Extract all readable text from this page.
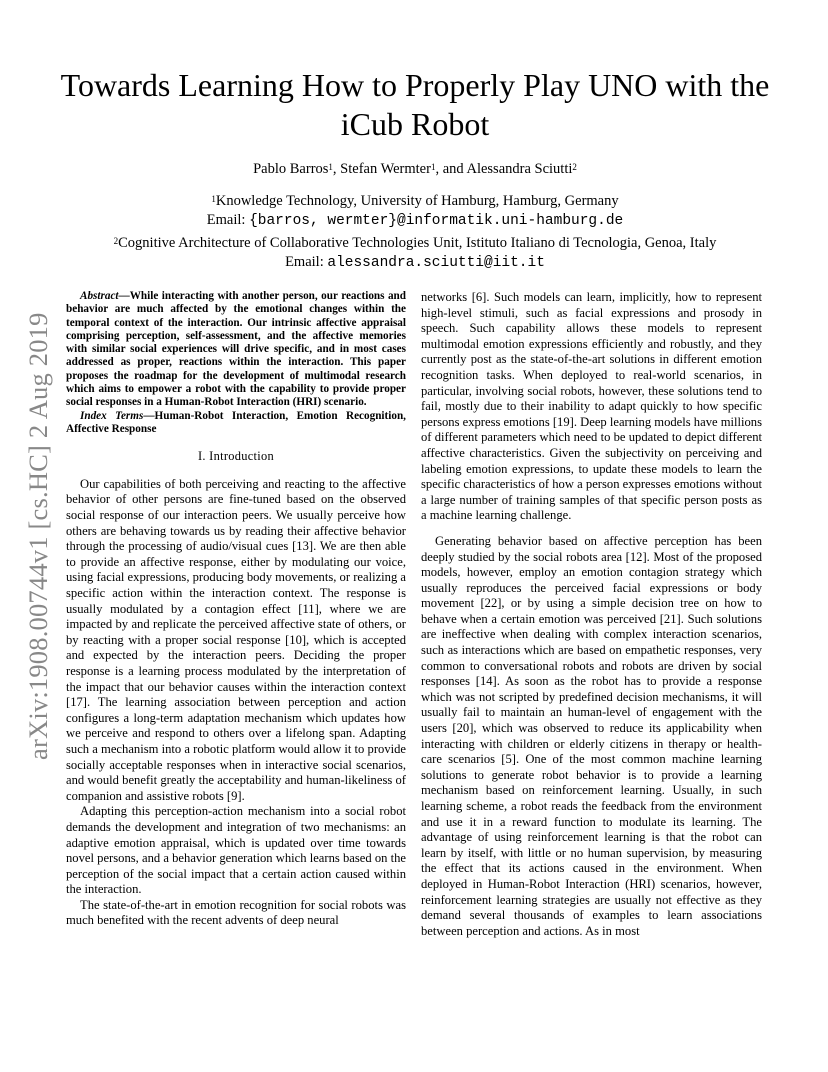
arXiv:1908.00744v1 [cs.HC] 2 Aug 2019
Towards Learning How to Properly Play UNO with the iCub Robot
Pablo Barros$^1$, Stefan Wermter$^1$, and Alessandra Sciutti$^2$
$^1$Knowledge Technology, University of Hamburg, Hamburg, Germany
Email: {barros, wermter}@informatik.uni-hamburg.de
$^2$Cognitive Architecture of Collaborative Technologies Unit, Istituto Italiano di Tecnologia, Genoa, Italy
Email: alessandra.sciutti@iit.it

Abstract—While interacting with another person, our reactions and behavior are much affected by the emotional changes within the temporal context of the interaction. Our intrinsic affective appraisal comprising perception, self-assessment, and the affective memories with similar social experiences will drive specific, and in most cases addressed as proper, reactions within the interaction. This paper proposes the roadmap for the development of multimodal research which aims to empower a robot with the capability to provide proper social responses in a Human-Robot Interaction (HRI) scenario.

Index Terms—Human-Robot Interaction, Emotion Recognition, Affective Response

I. Introduction

Our capabilities of both perceiving and reacting to the affective behavior of other persons are fine-tuned based on the observed social response of our interaction peers. We usually perceive how others are behaving towards us by reading their affective behavior through the processing of audio/visual cues [13]. We are then able to provide an affective response, either by modulating our voice, using facial expressions, producing body movements, or realizing a specific action within the interaction context. The response is usually modulated by a contagion effect [11], where we are impacted by and replicate the perceived affective state of others, or by reacting with a proper social response [10], which is accepted and expected by the interaction peers. Deciding the proper response is a learning process modulated by the interpretation of the impact that our behavior causes within the interaction context [17]. The learning association between perception and action configures a long-term adaptation mechanism which updates how we perceive and respond to others over a lifelong span. Adapting such a mechanism into a robotic platform would allow it to provide socially acceptable responses when in interactive social scenarios, and would benefit greatly the acceptability and human-likeliness of companion and assistive robots [9].

Adapting this perception-action mechanism into a social robot demands the development and integration of two mechanisms: an adaptive emotion appraisal, which is updated over time towards novel persons, and a behavior generation which learns based on the perception of the social impact that a certain action caused within the interaction.

The state-of-the-art in emotion recognition for social robots was much benefited with the recent advents of deep neural

networks [6]. Such models can learn, implicitly, how to represent high-level stimuli, such as facial expressions and prosody in speech. Such capability allows these models to represent multimodal emotion expressions efficiently and robustly, and they currently post as the state-of-the-art solutions in different emotion recognition tasks. When deployed to real-world scenarios, in particular, involving social robots, however, these solutions tend to fail, mostly due to their inability to adapt quickly to how specific persons express emotions [19]. Deep learning models have millions of different parameters which need to be updated to depict different affective characteristics. Given the subjectivity on perceiving and labeling emotion expressions, to update these models to learn the specific characteristics of how a person expresses emotions without a large number of training samples of that specific person posts as a machine learning challenge.

Generating behavior based on affective perception has been deeply studied by the social robots area [12]. Most of the proposed models, however, employ an emotion contagion strategy which usually reproduces the perceived facial expressions or body movement [22], or by using a simple decision tree on how to behave when a certain emotion was perceived [21]. Such solutions are ineffective when dealing with complex interaction scenarios, such as interactions which are based on empathetic responses, very common to conversational robots and robots are driven by social responses [14]. As soon as the robot has to provide a response which was not scripted by predefined decision mechanisms, it will usually fail to maintain an human-level of engagement with the users [20], which was observed to reduce its applicability when interacting with children or elderly citizens in therapy or health-care scenarios [5]. One of the most common machine learning solutions to generate robot behavior is to provide a learning mechanism based on reinforcement learning. Usually, in such learning scheme, a robot reads the feedback from the environment and use it in a reward function to modulate its learning. The advantage of using reinforcement learning is that the robot can learn by itself, with little or no human supervision, by measuring the effect that its actions caused in the environment. When deployed in Human-Robot Interaction (HRI) scenarios, however, reinforcement learning strategies are usually not effective as they demand several thousands of examples to learn associations between perception and actions. As in most
